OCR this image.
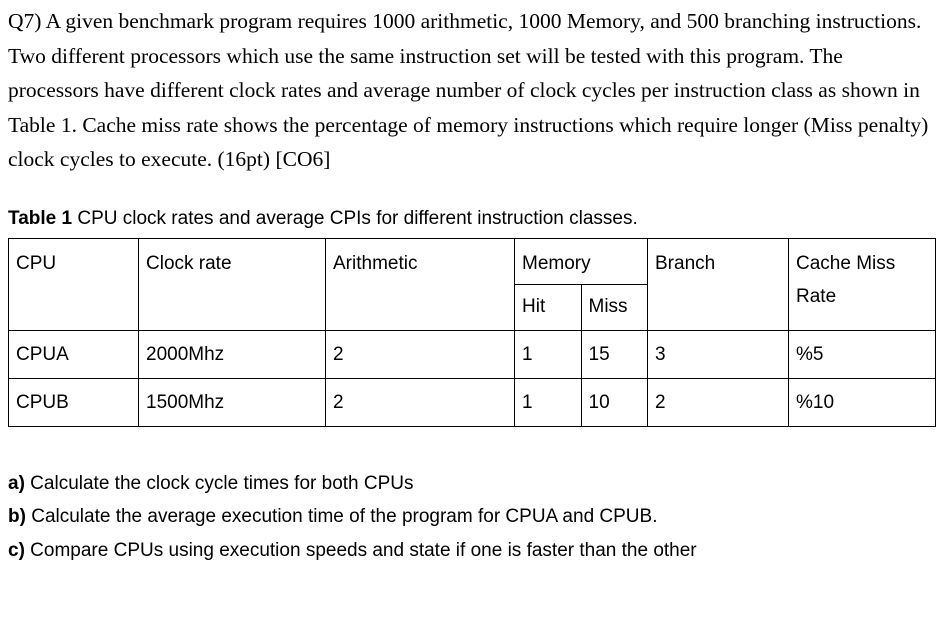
Q7) A given benchmark program requires 1000 arithmetic, 1000 Memory, and 500 branching instructions. Two different processors which use the same instruction set will be tested with this program. The processors have different clock rates and average number of clock cycles per instruction class as shown in Table 1. Cache miss rate shows the percentage of memory instructions which require longer (Miss penalty) clock cycles to execute. (16pt) [CO6]

Table 1 CPU clock rates and average CPIs for different instruction classes.

CPU	Clock rate	Arithmetic	Memory		Branch	Cache Miss Rate
			Hit	Miss		
CPUA	2000Mhz	2	1	15	3	%5
CPUB	1500Mhz	2	1	10	2	%10

a) Calculate the clock cycle times for both CPUs

b) Calculate the average execution time of the program for CPUA and CPUB.

c) Compare CPUs using execution speeds and state if one is faster than the other
